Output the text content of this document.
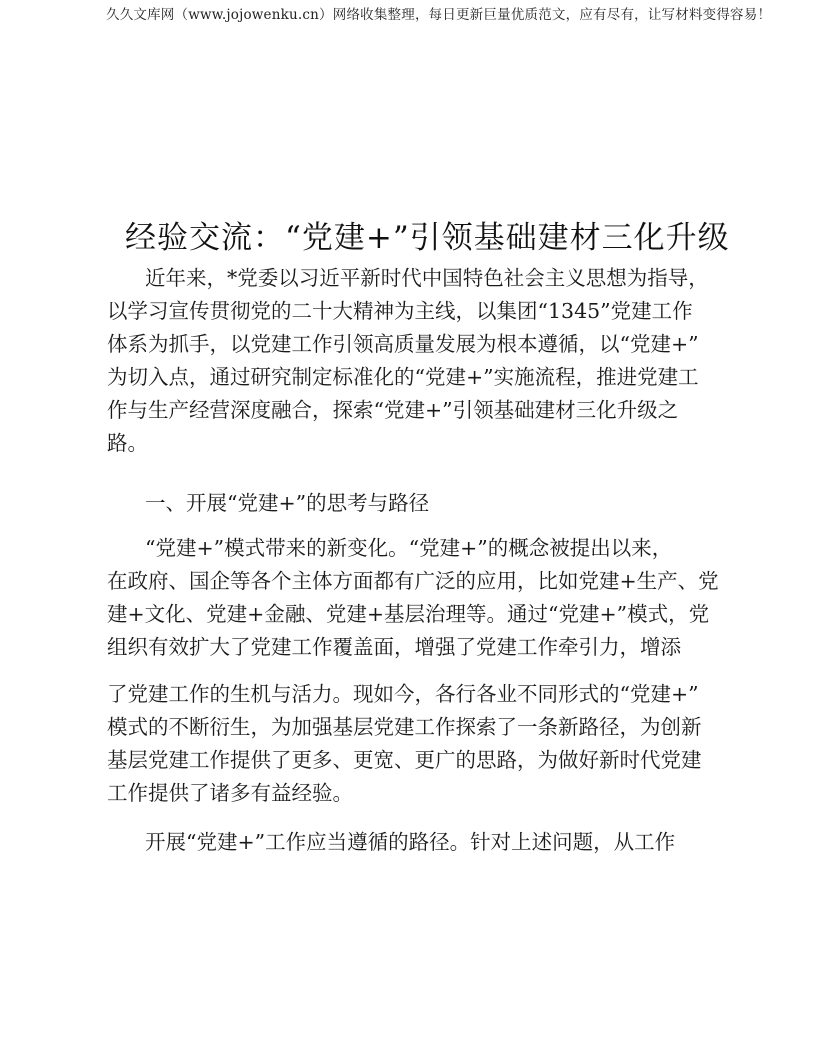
久久文库网（www.jojowenku.cn）网络收集整理，每日更新巨量优质范文，应有尽有，让写材料变得容易！
经验交流：“党建+”引领基础建材三化升级
近年来，*党委以习近平新时代中国特色社会主义思想为指导，
以学习宣传贯彻党的二十大精神为主线，以集团“1345”党建工作
体系为抓手，以党建工作引领高质量发展为根本遵循，以“党建+”
为切入点，通过研究制定标准化的“党建+”实施流程，推进党建工
作与生产经营深度融合，探索“党建+”引领基础建材三化升级之
路。
一、开展“党建+”的思考与路径
“党建+”模式带来的新变化。“党建+”的概念被提出以来，
在政府、国企等各个主体方面都有广泛的应用，比如党建+生产、党
建+文化、党建+金融、党建+基层治理等。通过“党建+”模式，党
组织有效扩大了党建工作覆盖面，增强了党建工作牵引力，增添
了党建工作的生机与活力。现如今，各行各业不同形式的“党建+”
模式的不断衍生，为加强基层党建工作探索了一条新路径，为创新
基层党建工作提供了更多、更宽、更广的思路，为做好新时代党建
工作提供了诸多有益经验。
开展“党建+”工作应当遵循的路径。针对上述问题，从工作
